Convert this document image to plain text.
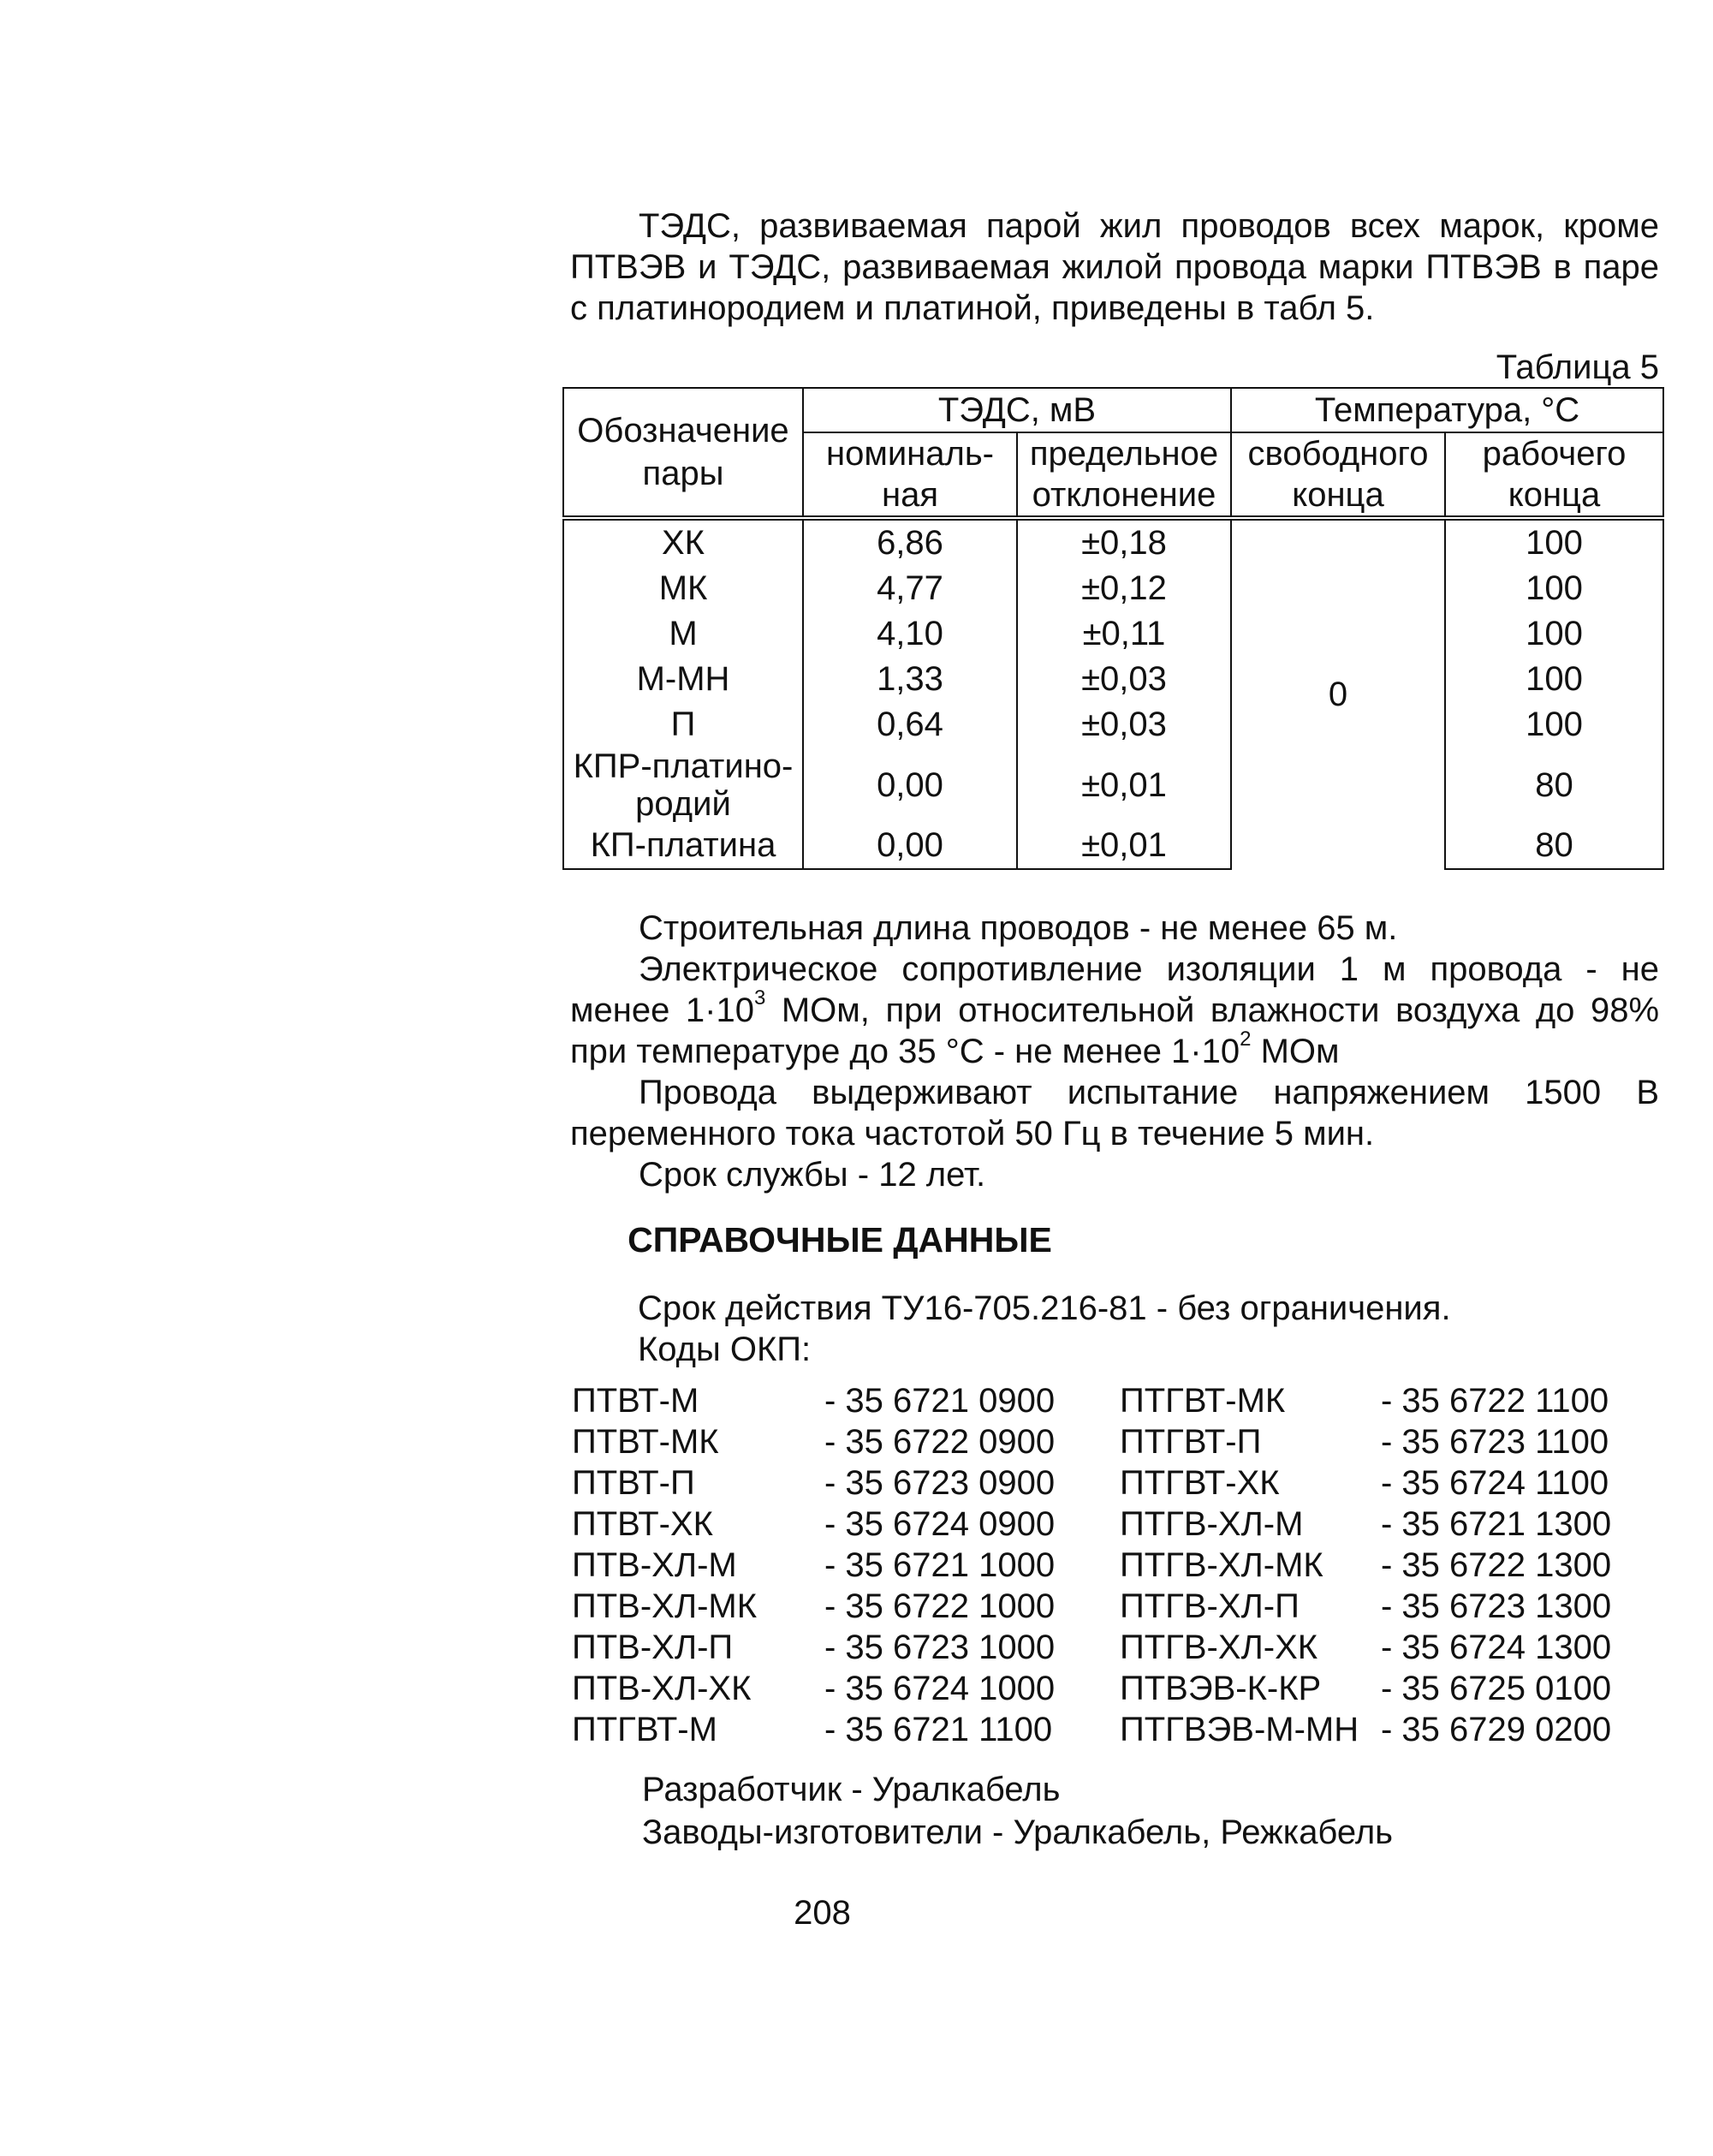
ТЭДС, развиваемая парой жил проводов всех марок, кроме ПТВЭВ и ТЭДС, развиваемая жилой провода марки ПТВЭВ в паре с платинородием и платиной, приведены в табл 5.

Таблица 5
Обозначение пары	ТЭДС, мВ		Температура, °С	
	номиналь-ная	предельное отклонение	свободного конца	рабочего конца
ХК	6,86	±0,18	0	100
МК	4,77	±0,12		100
М	4,10	±0,11		100
М-МН	1,33	±0,03		100
П	0,64	±0,03		100
КПР-платино-родий	0,00	±0,01		80
КП-платина	0,00	±0,01		80

Строительная длина проводов - не менее 65 м.

Электрическое сопротивление изоляции 1 м провода - не менее $1\cdot 10^3$ МОм, при относительной влажности воздуха до 98% при температуре до 35 °С - не менее $1\cdot 10^2$ МОм

Провода выдерживают испытание напряжением 1500 В переменного тока частотой 50 Гц в течение 5 мин.

Срок службы - 12 лет.

СПРАВОЧНЫЕ ДАННЫЕ
Срок действия ТУ16-705.216-81 - без ограничения.
Коды ОКП:
ПТВТ-М	- 35 6721 0900 ПТГВТ-МК	- 35 6722 1100
ПТВТ-МК	- 35 6722 0900 ПТГВТ-П	- 35 6723 1100
ПТВТ-П	- 35 6723 0900 ПТГВТ-ХК	- 35 6724 1100
ПТВТ-ХК	- 35 6724 0900 ПТГВ-ХЛ-М - 35 6721 1300
ПТВ-ХЛ-М	- 35 6721 1000 ПТГВ-ХЛ-МК - 35 6722 1300
ПТВ-ХЛ-МК - 35 6722 1000 ПТГВ-ХЛ-П - 35 6723 1300
ПТВ-ХЛ-П	- 35 6723 1000 ПТГВ-ХЛ-ХК - 35 6724 1300
ПТВ-ХЛ-ХК - 35 6724 1000 ПТВЭВ-К-КР - 35 6725 0100
ПТГВТ-М	- 35 6721 1100 ПТГВЭВ-М-МН - 35 6729 0200
Разработчик - Уралкабель
Заводы-изготовители - Уралкабель, Режкабель
208
